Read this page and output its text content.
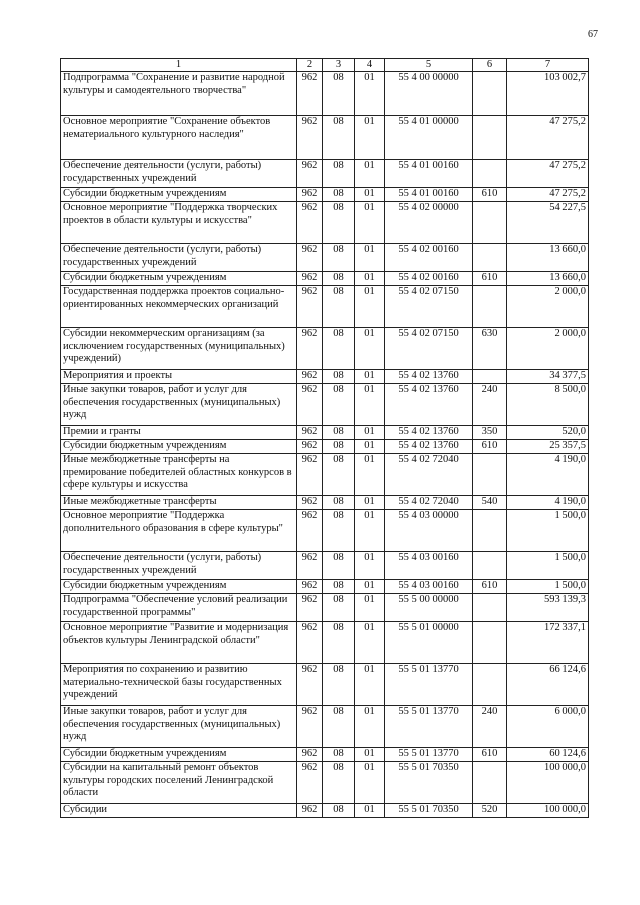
67
1	2	3	4	5	6	7
Подпрограмма "Сохранение и развитие народной культуры и самодеятельного творчества"	962	08	01	55 4 00 00000		103 002,7
Основное мероприятие "Сохранение объектов нематериального культурного наследия"	962	08	01	55 4 01 00000		47 275,2
Обеспечение деятельности (услуги, работы) государственных учреждений	962	08	01	55 4 01 00160		47 275,2
Субсидии бюджетным учреждениям	962	08	01	55 4 01 00160	610	47 275,2
Основное мероприятие "Поддержка творческих проектов в области культуры и искусства"	962	08	01	55 4 02 00000		54 227,5
Обеспечение деятельности (услуги, работы) государственных учреждений	962	08	01	55 4 02 00160		13 660,0
Субсидии бюджетным учреждениям	962	08	01	55 4 02 00160	610	13 660,0
Государственная поддержка проектов социально-ориентированных некоммерческих организаций	962	08	01	55 4 02 07150		2 000,0
Субсидии некоммерческим организациям (за исключением государственных (муниципальных) учреждений)	962	08	01	55 4 02 07150	630	2 000,0
Мероприятия и проекты	962	08	01	55 4 02 13760		34 377,5
Иные закупки товаров, работ и услуг для обеспечения государственных (муниципальных) нужд	962	08	01	55 4 02 13760	240	8 500,0
Премии и гранты	962	08	01	55 4 02 13760	350	520,0
Субсидии бюджетным учреждениям	962	08	01	55 4 02 13760	610	25 357,5
Иные межбюджетные трансферты на премирование победителей областных конкурсов в сфере культуры и искусства	962	08	01	55 4 02 72040		4 190,0
Иные межбюджетные трансферты	962	08	01	55 4 02 72040	540	4 190,0
Основное мероприятие "Поддержка дополнительного образования в сфере культуры"	962	08	01	55 4 03 00000		1 500,0
Обеспечение деятельности (услуги, работы) государственных учреждений	962	08	01	55 4 03 00160		1 500,0
Субсидии бюджетным учреждениям	962	08	01	55 4 03 00160	610	1 500,0
Подпрограмма "Обеспечение условий реализации государственной программы"	962	08	01	55 5 00 00000		593 139,3
Основное мероприятие "Развитие и модернизация объектов культуры Ленинградской области"	962	08	01	55 5 01 00000		172 337,1
Мероприятия по сохранению и развитию материально-технической базы государственных учреждений	962	08	01	55 5 01 13770		66 124,6
Иные закупки товаров, работ и услуг для обеспечения государственных (муниципальных) нужд	962	08	01	55 5 01 13770	240	6 000,0
Субсидии бюджетным учреждениям	962	08	01	55 5 01 13770	610	60 124,6
Субсидии на капитальный ремонт объектов культуры городских поселений Ленинградской области	962	08	01	55 5 01 70350		100 000,0
Субсидии	962	08	01	55 5 01 70350	520	100 000,0
